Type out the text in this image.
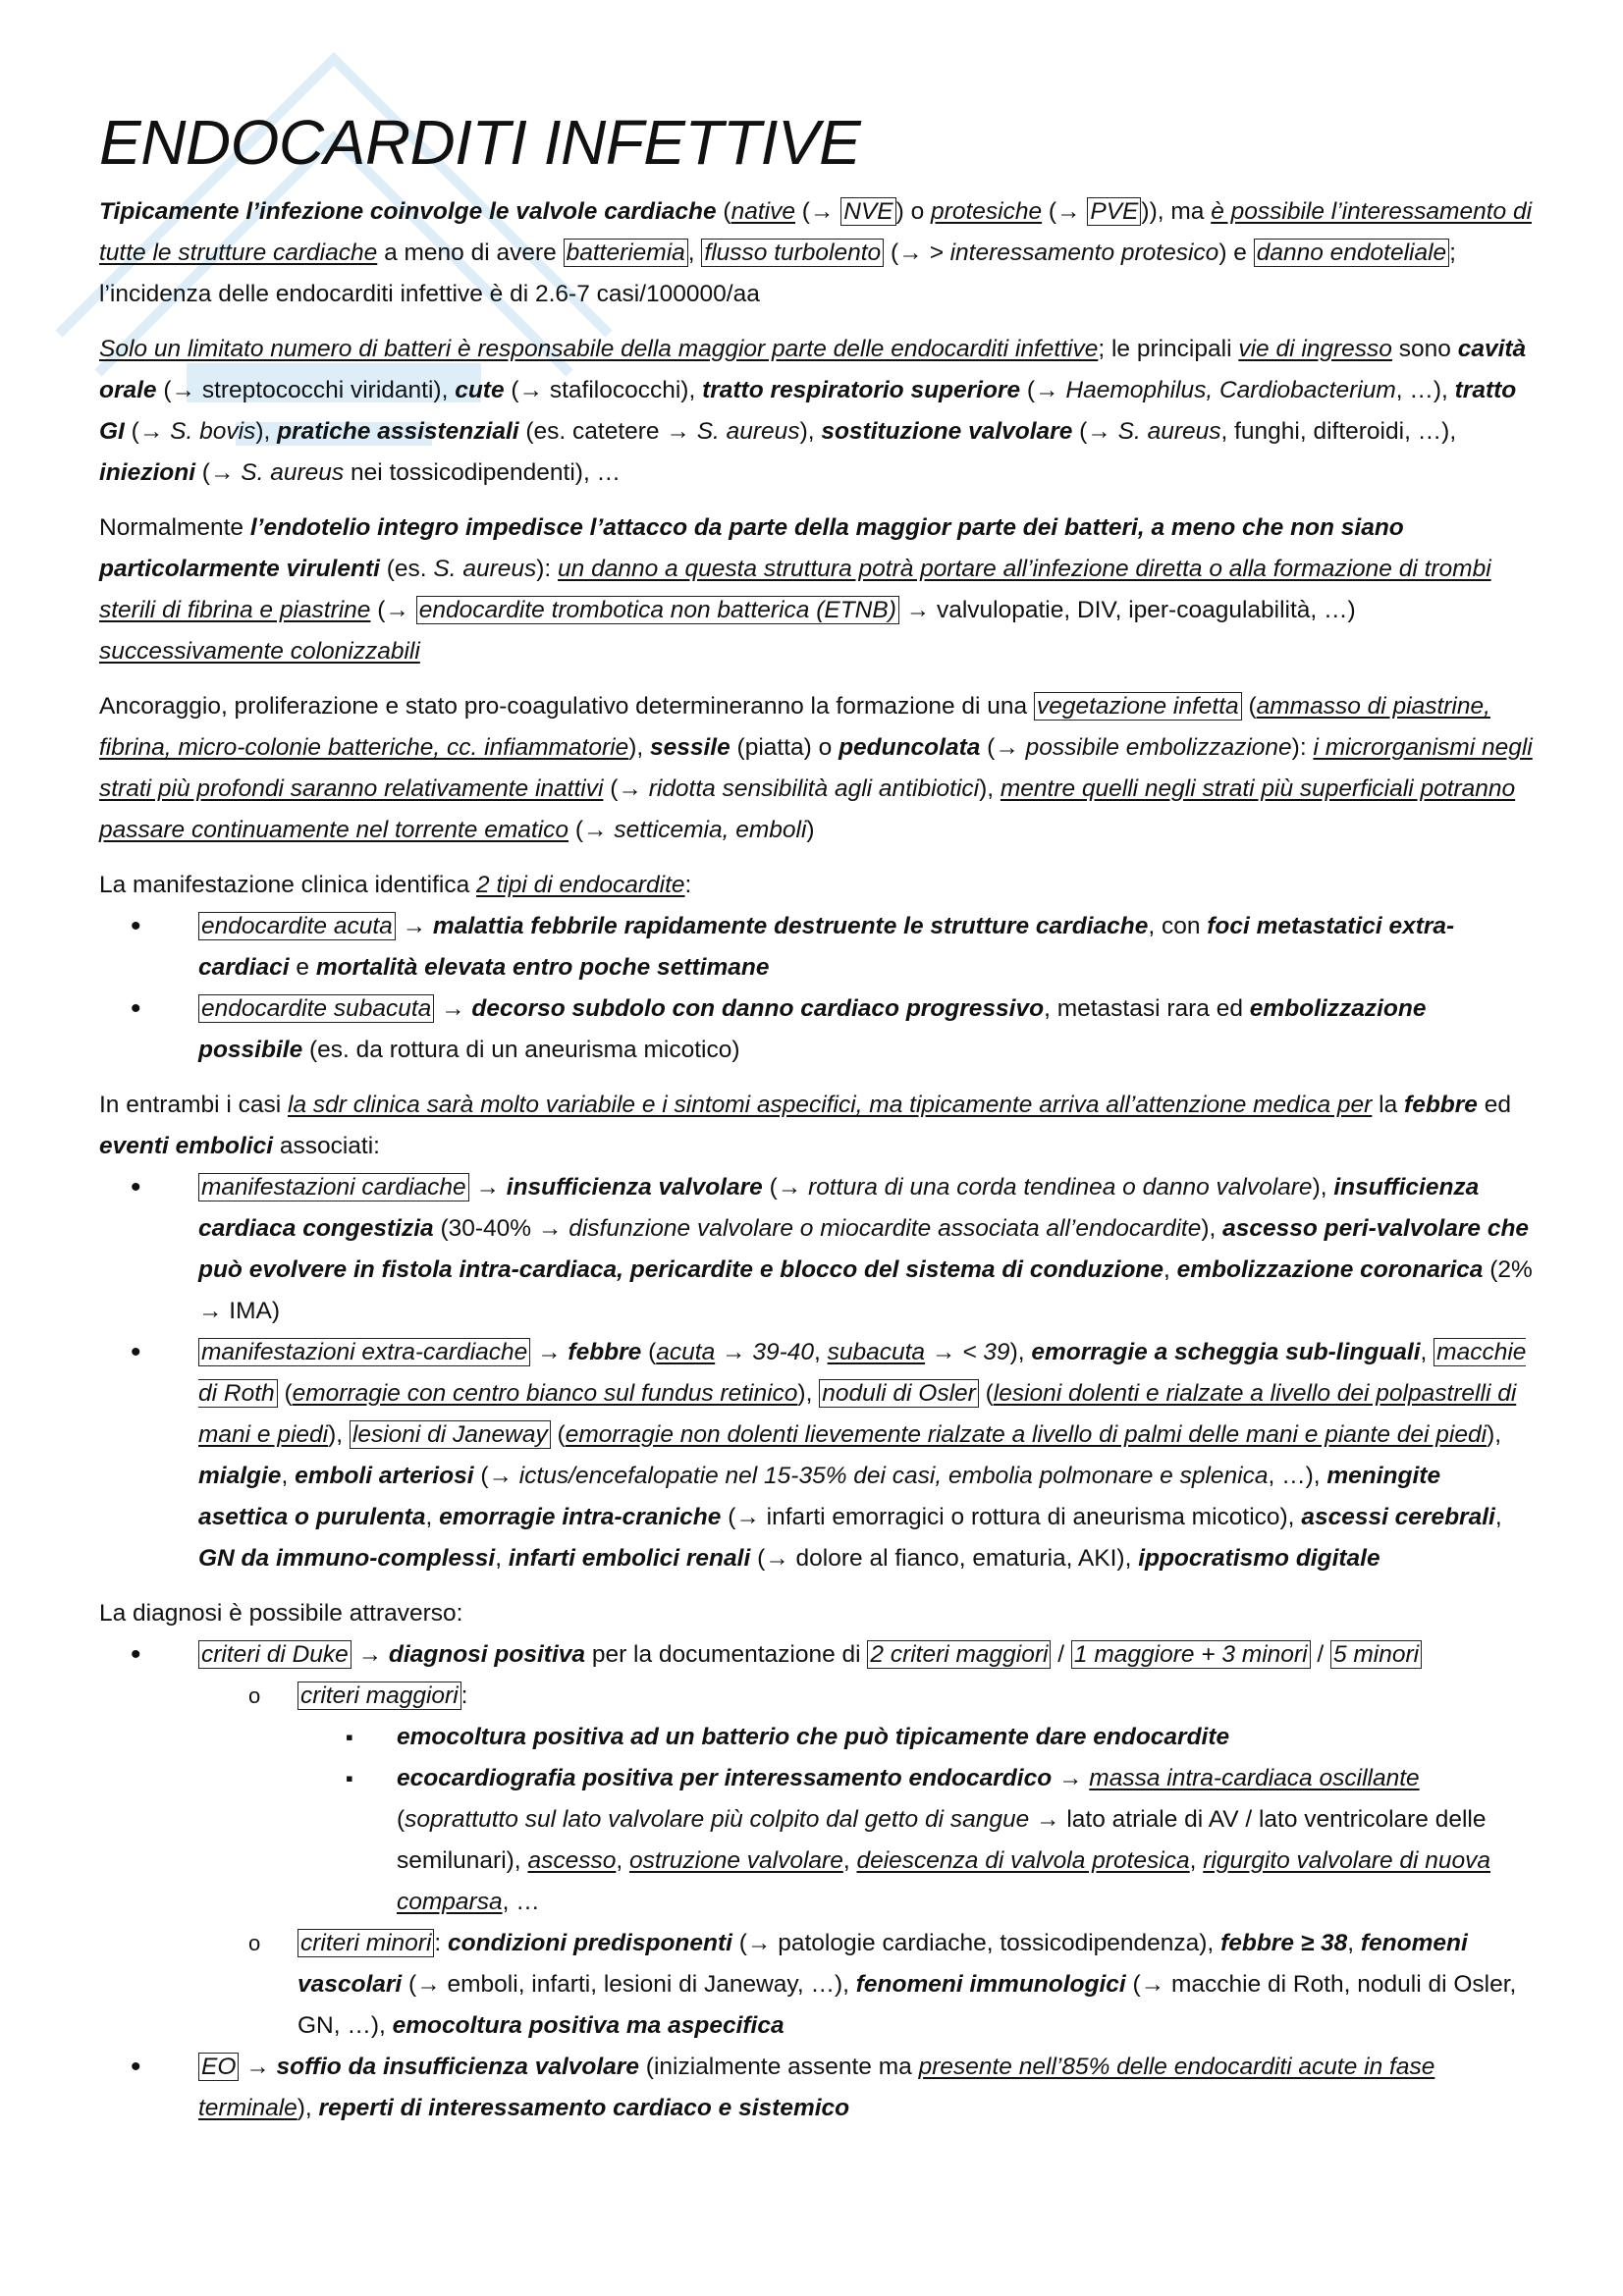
ENDOCARDITI INFETTIVE

Tipicamente l’infezione coinvolge le valvole cardiache (native (→ NVE ) o protesiche (→ PVE )), ma è possibile l’interessamento di tutte le strutture cardiache a meno di avere batteriemia , flusso turbolento (→ > interessamento protesico) e danno endoteliale ; l’incidenza delle endocarditi infettive è di 2.6-7 casi/100000/aa

Solo un limitato numero di batteri è responsabile della maggior parte delle endocarditi infettive; le principali vie di ingresso sono cavità orale (→ streptococchi viridanti), cute (→ stafilococchi), tratto respiratorio superiore (→ Haemophilus, Cardiobacterium, …), tratto GI (→ S. bovis), pratiche assistenziali (es. catetere → S. aureus), sostituzione valvolare (→ S. aureus, funghi, difteroidi, …), iniezioni (→ S. aureus nei tossicodipendenti), …

Normalmente l’endotelio integro impedisce l’attacco da parte della maggior parte dei batteri, a meno che non siano particolarmente virulenti (es. S. aureus): un danno a questa struttura potrà portare all’infezione diretta o alla formazione di trombi sterili di fibrina e piastrine (→ endocardite trombotica non batterica (ETNB) → valvulopatie, DIV, iper-coagulabilità, …) successivamente colonizzabili

Ancoraggio, proliferazione e stato pro-coagulativo determineranno la formazione di una vegetazione infetta (ammasso di piastrine, fibrina, micro-colonie batteriche, cc. infiammatorie), sessile (piatta) o peduncolata (→ possibile embolizzazione): i microrganismi negli strati più profondi saranno relativamente inattivi (→ ridotta sensibilità agli antibiotici), mentre quelli negli strati più superficiali potranno passare continuamente nel torrente ematico (→ setticemia, emboli)

La manifestazione clinica identifica 2 tipi di endocardite:

• endocardite acuta → malattia febbrile rapidamente destruente le strutture cardiache, con foci metastatici extra-cardiaci e mortalità elevata entro poche settimane
• endocardite subacuta → decorso subdolo con danno cardiaco progressivo, metastasi rara ed embolizzazione possibile (es. da rottura di un aneurisma micotico)

In entrambi i casi la sdr clinica sarà molto variabile e i sintomi aspecifici, ma tipicamente arriva all’attenzione medica per la febbre ed eventi embolici associati:

• manifestazioni cardiache → insufficienza valvolare (→ rottura di una corda tendinea o danno valvolare), insufficienza cardiaca congestizia (30-40% → disfunzione valvolare o miocardite associata all’endocardite), ascesso peri-valvolare che può evolvere in fistola intra-cardiaca, pericardite e blocco del sistema di conduzione, embolizzazione coronarica (2% → IMA)
• manifestazioni extra-cardiache → febbre (acuta → 39-40, subacuta → < 39), emorragie a scheggia sub-linguali, macchie di Roth (emorragie con centro bianco sul fundus retinico), noduli di Osler (lesioni dolenti e rialzate a livello dei polpastrelli di mani e piedi), lesioni di Janeway (emorragie non dolenti lievemente rialzate a livello di palmi delle mani e piante dei piedi), mialgie, emboli arteriosi (→ ictus/encefalopatie nel 15-35% dei casi, embolia polmonare e splenica, …), meningite asettica o purulenta, emorragie intra-craniche (→ infarti emorragici o rottura di aneurisma micotico), ascessi cerebrali, GN da immuno-complessi, infarti embolici renali (→ dolore al fianco, ematuria, AKI), ippocratismo digitale

La diagnosi è possibile attraverso:

• criteri di Duke → diagnosi positiva per la documentazione di 2 criteri maggiori / 1 maggiore + 3 minori / 5 minori
o criteri maggiori :
▪ emocoltura positiva ad un batterio che può tipicamente dare endocardite
▪ ecocardiografia positiva per interessamento endocardico → massa intra-cardiaca oscillante (soprattutto sul lato valvolare più colpito dal getto di sangue → lato atriale di AV / lato ventricolare delle semilunari), ascesso, ostruzione valvolare, deiescenza di valvola protesica, rigurgito valvolare di nuova comparsa, …
o criteri minori : condizioni predisponenti (→ patologie cardiache, tossicodipendenza), febbre ≥ 38, fenomeni vascolari (→ emboli, infarti, lesioni di Janeway, …), fenomeni immunologici (→ macchie di Roth, noduli di Osler, GN, …), emocoltura positiva ma aspecifica
• EO → soffio da insufficienza valvolare (inizialmente assente ma presente nell’85% delle endocarditi acute in fase terminale), reperti di interessamento cardiaco e sistemico
